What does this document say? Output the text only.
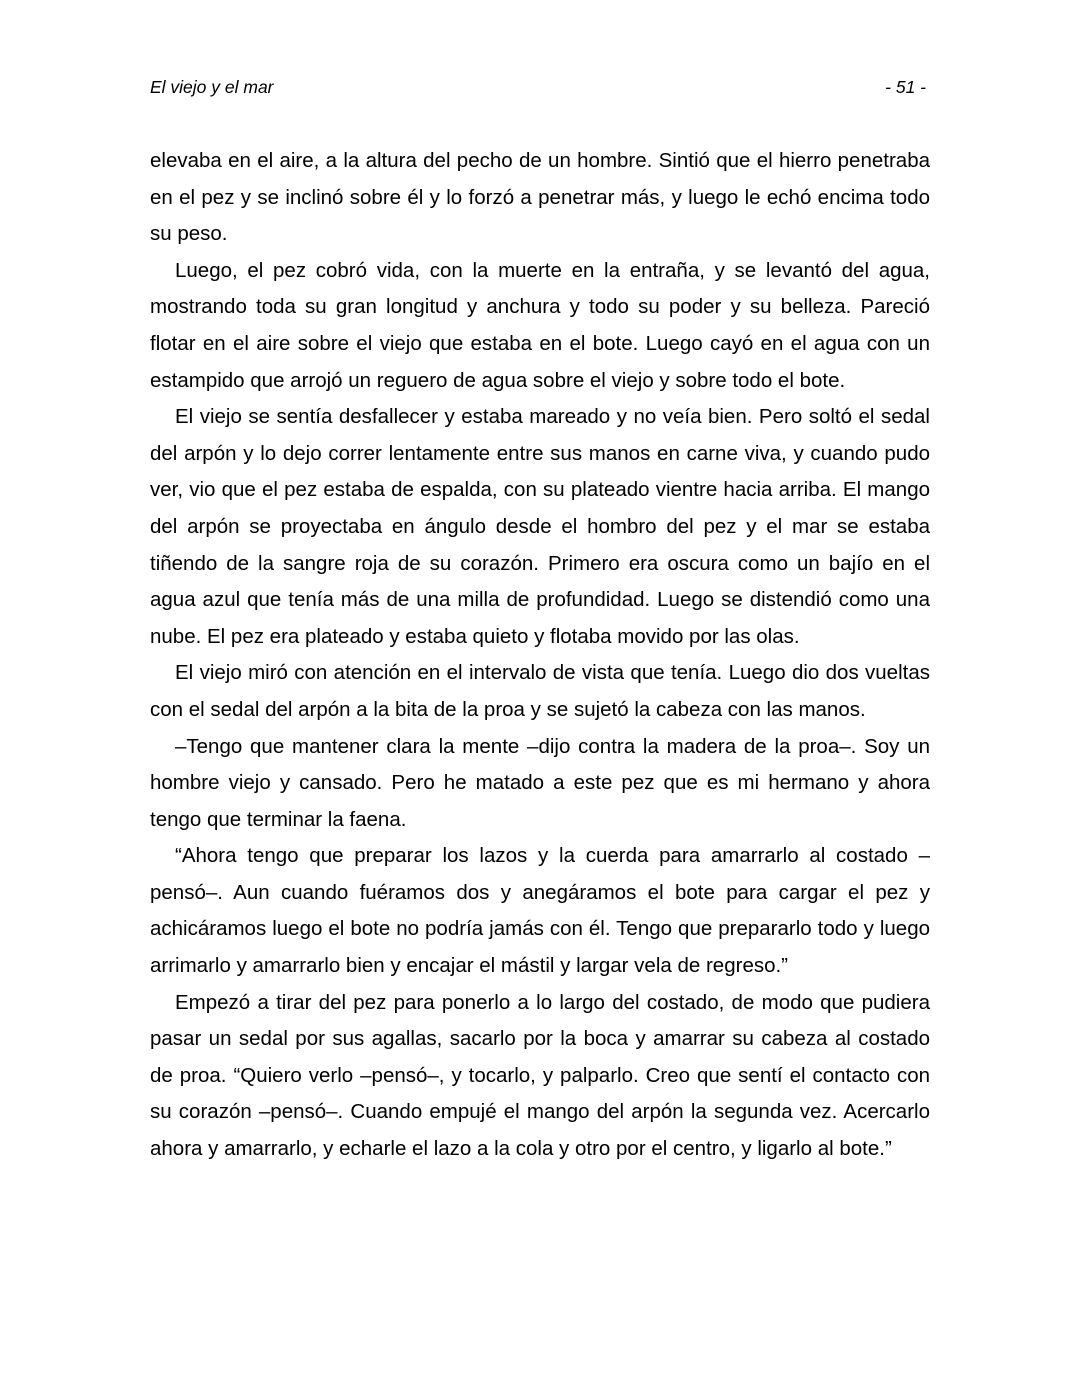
El viejo y el mar	- 51 -

elevaba en el aire, a la altura del pecho de un hombre. Sintió que el hierro penetraba en el pez y se inclinó sobre él y lo forzó a penetrar más, y luego le echó encima todo su peso.

Luego, el pez cobró vida, con la muerte en la entraña, y se levantó del agua, mostrando toda su gran longitud y anchura y todo su poder y su belleza. Pareció flotar en el aire sobre el viejo que estaba en el bote. Luego cayó en el agua con un estampido que arrojó un reguero de agua sobre el viejo y sobre todo el bote.

El viejo se sentía desfallecer y estaba mareado y no veía bien. Pero soltó el sedal del arpón y lo dejo correr lentamente entre sus manos en carne viva, y cuando pudo ver, vio que el pez estaba de espalda, con su plateado vientre hacia arriba. El mango del arpón se proyectaba en ángulo desde el hombro del pez y el mar se estaba tiñendo de la sangre roja de su corazón. Primero era oscura como un bajío en el agua azul que tenía más de una milla de profundidad. Luego se distendió como una nube. El pez era plateado y estaba quieto y flotaba movido por las olas.

El viejo miró con atención en el intervalo de vista que tenía. Luego dio dos vueltas con el sedal del arpón a la bita de la proa y se sujetó la cabeza con las manos.

–Tengo que mantener clara la mente –dijo contra la madera de la proa–. Soy un hombre viejo y cansado. Pero he matado a este pez que es mi hermano y ahora tengo que terminar la faena.

“Ahora tengo que preparar los lazos y la cuerda para amarrarlo al costado –pensó–. Aun cuando fuéramos dos y anegáramos el bote para cargar el pez y achicáramos luego el bote no podría jamás con él. Tengo que prepararlo todo y luego arrimarlo y amarrarlo bien y encajar el mástil y largar vela de regreso.”

Empezó a tirar del pez para ponerlo a lo largo del costado, de modo que pudiera pasar un sedal por sus agallas, sacarlo por la boca y amarrar su cabeza al costado de proa. “Quiero verlo –pensó–, y tocarlo, y palparlo. Creo que sentí el contacto con su corazón –pensó–. Cuando empujé el mango del arpón la segunda vez. Acercarlo ahora y amarrarlo, y echarle el lazo a la cola y otro por el centro, y ligarlo al bote.”
